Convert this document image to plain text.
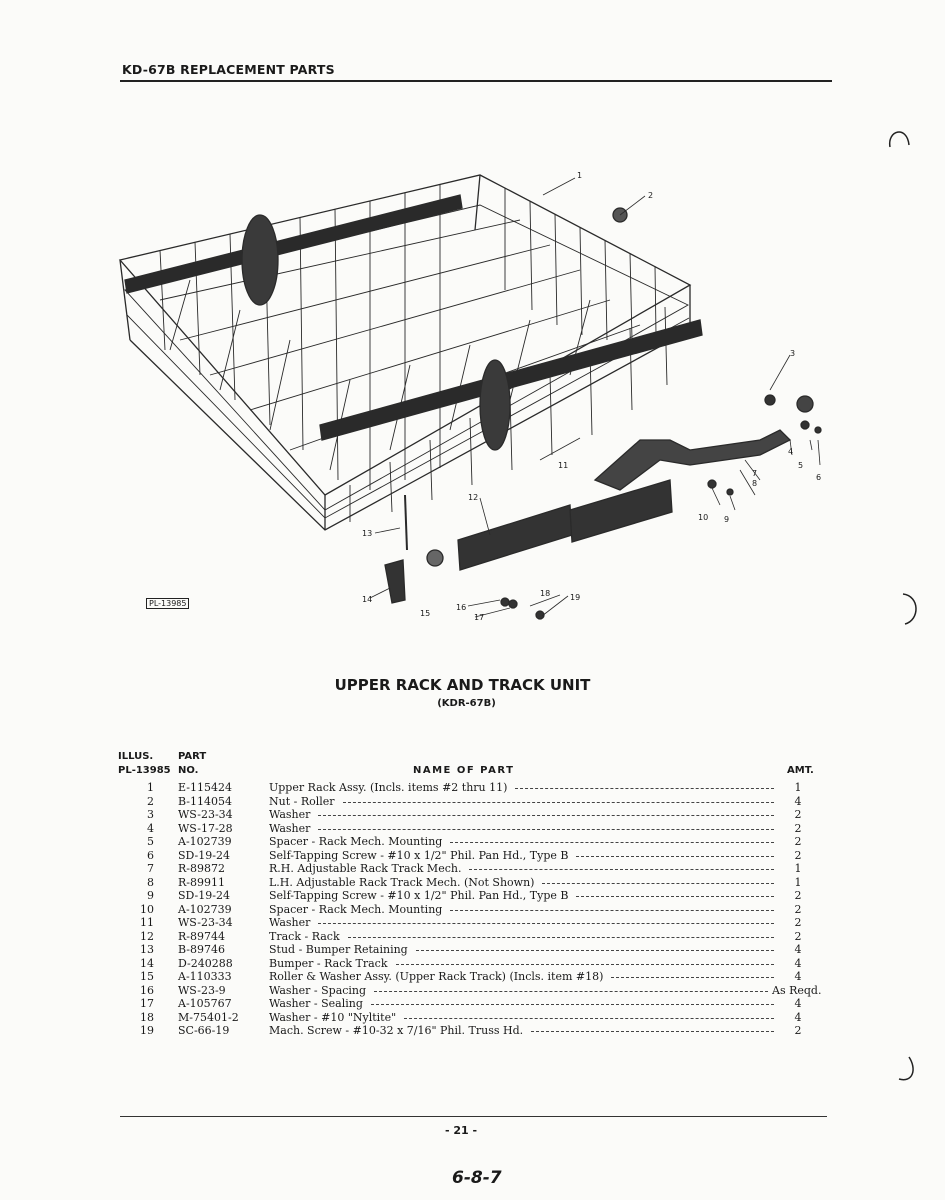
KD-67B REPLACEMENT PARTS
1
2
3
4
5
6
7
8
9
10
11
12
13
14
15
16
17
18 19
PL-13985
UPPER RACK AND TRACK UNIT
(KDR-67B)
ILLUS.
PL-13985
PART
NO.	NAME OF PART	AMT.
1 E-115424	Upper Rack Assy. (Incls. items #2 thru 11)	1
2 B-114054	Nut - Roller	4
3 WS-23-34	Washer	2
4 WS-17-28	Washer	2
5 A-102739	Spacer - Rack Mech. Mounting	2
6 SD-19-24	Self-Tapping Screw - #10 x 1/2" Phil. Pan Hd., Type B	2
7 R-89872	R.H. Adjustable Rack Track Mech.	1
8 R-89911	L.H. Adjustable Rack Track Mech. (Not Shown)	1
9 SD-19-24	Self-Tapping Screw - #10 x 1/2" Phil. Pan Hd., Type B	2
10 A-102739	Spacer - Rack Mech. Mounting	2
11 WS-23-34	Washer	2
12 R-89744	Track - Rack	2
13 B-89746	Stud - Bumper Retaining	4
14 D-240288	Bumper - Rack Track	4
15 A-110333	Roller & Washer Assy. (Upper Rack Track) (Incls. item #18)	4
16 WS-23-9	Washer - Spacing	As Reqd.
17 A-105767	Washer - Sealing	4
18 M-75401-2	Washer - #10 "Nyltite"	4
19 SC-66-19	Mach. Screw - #10-32 x 7/16" Phil. Truss Hd.	2
- 21 -
6-8-7
